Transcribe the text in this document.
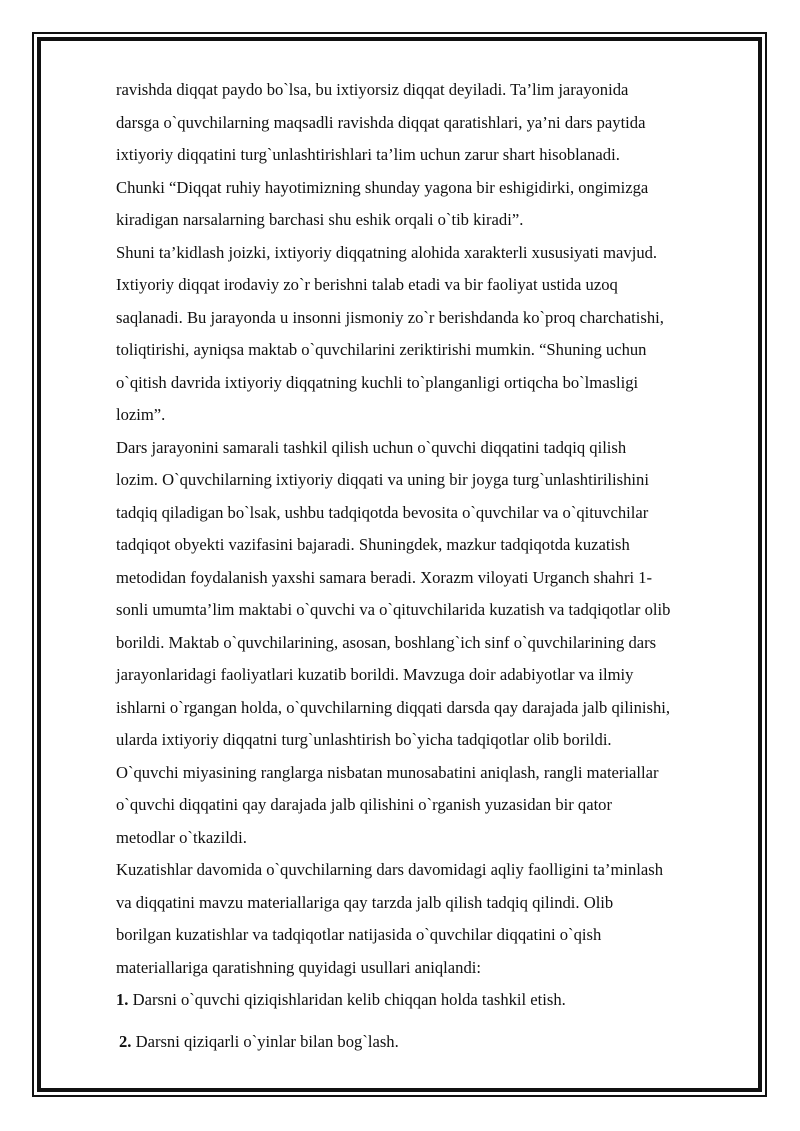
ravishda diqqat paydo bo`lsa, bu ixtiyorsiz diqqat deyiladi. Ta’lim jarayonida
darsga o`quvchilarning maqsadli ravishda diqqat qaratishlari, ya’ni dars paytida
ixtiyoriy diqqatini turg`unlashtirishlari ta’lim uchun zarur shart hisoblanadi.
Chunki “Diqqat ruhiy hayotimizning shunday yagona bir eshigidirki, ongimizga
kiradigan narsalarning barchasi shu eshik orqali o`tib kiradi”.
Shuni ta’kidlash joizki, ixtiyoriy diqqatning alohida xarakterli xususiyati mavjud.
Ixtiyoriy diqqat irodaviy zo`r berishni talab etadi va bir faoliyat ustida uzoq
saqlanadi. Bu jarayonda u insonni jismoniy zo`r berishdanda ko`proq charchatishi,
toliqtirishi, ayniqsa maktab o`quvchilarini zeriktirishi mumkin. “Shuning uchun
o`qitish davrida ixtiyoriy diqqatning kuchli to`planganligi ortiqcha bo`lmasligi
lozim”.
Dars jarayonini samarali tashkil qilish uchun o`quvchi diqqatini tadqiq qilish
lozim. O`quvchilarning ixtiyoriy diqqati va uning bir joyga turg`unlashtirilishini
tadqiq qiladigan bo`lsak, ushbu tadqiqotda bevosita o`quvchilar va o`qituvchilar
tadqiqot obyekti vazifasini bajaradi. Shuningdek, mazkur tadqiqotda kuzatish
metodidan foydalanish yaxshi samara beradi. Xorazm viloyati Urganch shahri 1-
sonli umumta’lim maktabi o`quvchi va o`qituvchilarida kuzatish va tadqiqotlar olib
borildi. Maktab o`quvchilarining, asosan, boshlang`ich sinf o`quvchilarining dars
jarayonlaridagi faoliyatlari kuzatib borildi. Mavzuga doir adabiyotlar va ilmiy
ishlarni o`rgangan holda, o`quvchilarning diqqati darsda qay darajada jalb qilinishi,
ularda ixtiyoriy diqqatni turg`unlashtirish bo`yicha tadqiqotlar olib borildi.
O`quvchi miyasining ranglarga nisbatan munosabatini aniqlash, rangli materiallar
o`quvchi diqqatini qay darajada jalb qilishini o`rganish yuzasidan bir qator
metodlar o`tkazildi.
Kuzatishlar davomida o`quvchilarning dars davomidagi aqliy faolligini ta’minlash
va diqqatini mavzu materiallariga qay tarzda jalb qilish tadqiq qilindi. Olib
borilgan kuzatishlar va tadqiqotlar natijasida o`quvchilar diqqatini o`qish
materiallariga qaratishning quyidagi usullari aniqlandi:
1. Darsni o`quvchi qiziqishlaridan kelib chiqqan holda tashkil etish.
2. Darsni qiziqarli o`yinlar bilan bog`lash.
